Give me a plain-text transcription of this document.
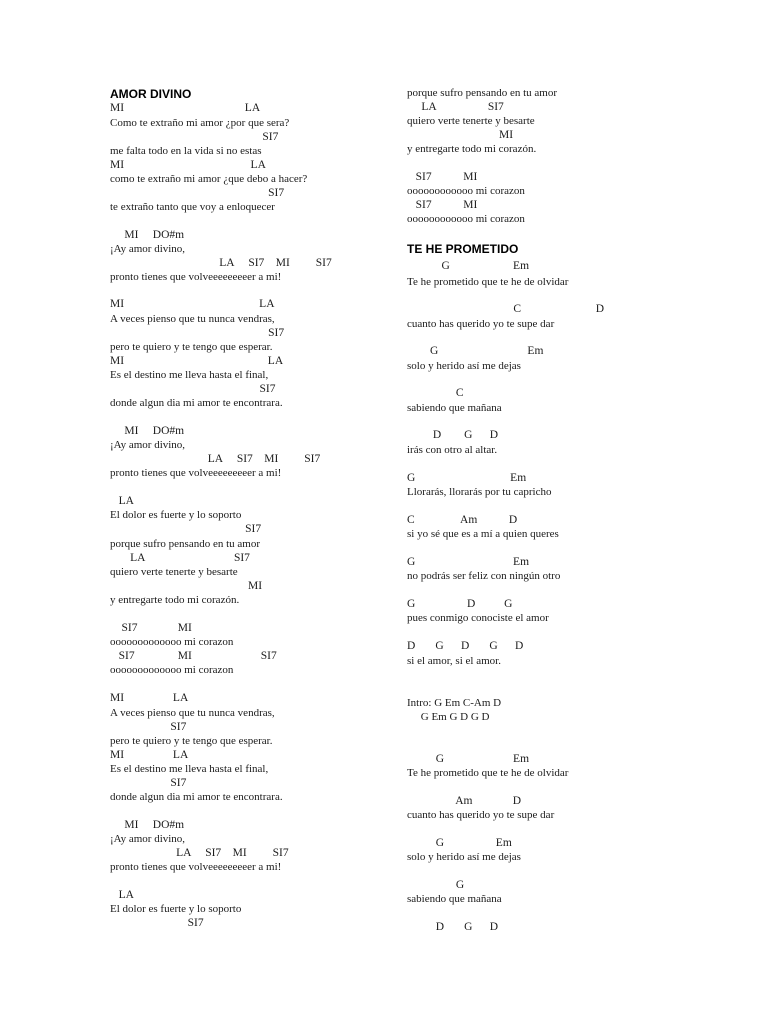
AMOR DIVINO
MI                                          LA
Como te extraño mi amor ¿por que sera?
SI7
me falta todo en la vida si no estas
MI                                            LA
como te extraño mi amor ¿que debo a hacer?
SI7
te extraño tanto que voy a enloquecer
MI     DO#m
¡Ay amor divino,
LA     SI7    MI         SI7
pronto tienes que volveeeeeeeeer a mi!
MI                                               LA
A veces pienso que tu nunca vendras,
SI7
pero te quiero y te tengo que esperar.
MI                                                  LA
Es el destino me lleva hasta el final,
SI7
donde algun dia mi amor te encontrara.
MI     DO#m
¡Ay amor divino,
LA     SI7    MI         SI7
pronto tienes que volveeeeeeeeer a mi!
LA
El dolor es fuerte y lo soporto
SI7
porque sufro pensando en tu amor
LA                               SI7
quiero verte tenerte y besarte
MI
y entregarte todo mi corazón.
SI7              MI
ooooooooooooo mi corazon
SI7               MI                        SI7
ooooooooooooo mi corazon
MI                 LA
A veces pienso que tu nunca vendras,
SI7
pero te quiero y te tengo que esperar.
MI                 LA
Es el destino me lleva hasta el final,
SI7
donde algun dia mi amor te encontrara.
MI     DO#m
¡Ay amor divino,
LA     SI7    MI         SI7
pronto tienes que volveeeeeeeeer a mi!
LA
El dolor es fuerte y lo soporto
SI7
porque sufro pensando en tu amor
LA                  SI7
quiero verte tenerte y besarte
MI
y entregarte todo mi corazón.
SI7           MI
oooooooooooo mi corazon
SI7           MI
oooooooooooo mi corazon
TE HE PROMETIDO
G                      Em
Te he prometido que te he de olvidar
C                          D
cuanto has querido yo te supe dar
G                               Em
solo y herido así me dejas
C
sabiendo que mañana
D        G      D
irás con otro al altar.
G                                 Em
Llorarás, llorarás por tu capricho
C                Am           D
si yo sé que es a mí a quien queres
G                                  Em
no podrás ser feliz con ningún otro
G                  D          G
pues conmigo conociste el amor
D       G      D       G      D
si el amor, si el amor.
Intro: G Em C-Am D
G Em G D G D
G                        Em
Te he prometido que te he de olvidar
Am              D
cuanto has querido yo te supe dar
G                  Em
solo y herido así me dejas
G
sabiendo que mañana
D       G      D
